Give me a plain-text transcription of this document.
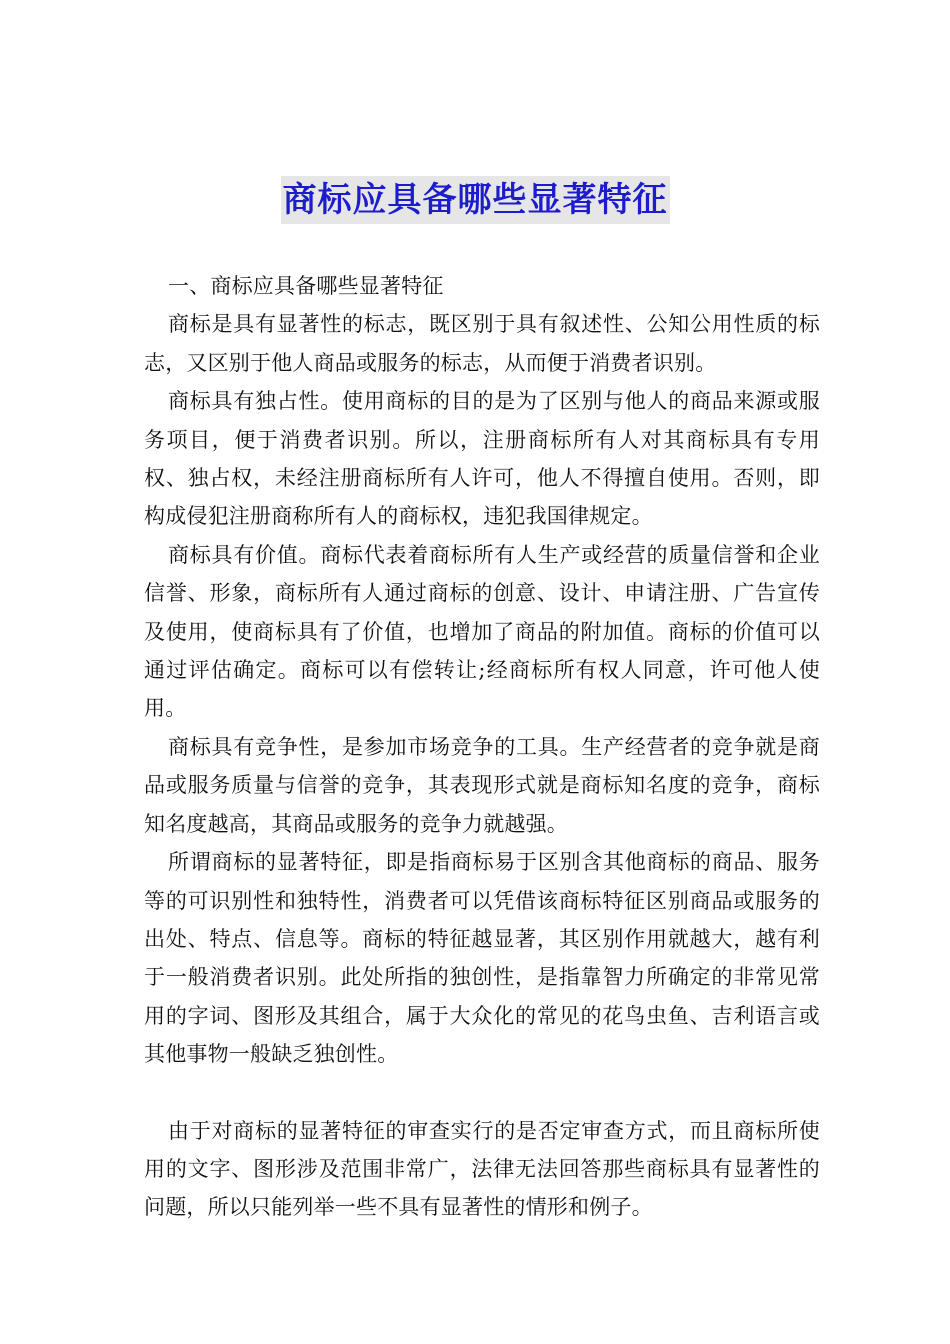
商标应具备哪些显著特征

一、商标应具备哪些显著特征

商标是具有显著性的标志，既区别于具有叙述性、公知公用性质的标志，又区别于他人商品或服务的标志，从而便于消费者识别。

商标具有独占性。使用商标的目的是为了区别与他人的商品来源或服务项目，便于消费者识别。所以，注册商标所有人对其商标具有专用权、独占权，未经注册商标所有人许可，他人不得擅自使用。否则，即构成侵犯注册商称所有人的商标权，违犯我国律规定。

商标具有价值。商标代表着商标所有人生产或经营的质量信誉和企业信誉、形象，商标所有人通过商标的创意、设计、申请注册、广告宣传及使用，使商标具有了价值，也增加了商品的附加值。商标的价值可以通过评估确定。商标可以有偿转让;经商标所有权人同意，许可他人使用。

商标具有竞争性，是参加市场竞争的工具。生产经营者的竞争就是商品或服务质量与信誉的竞争，其表现形式就是商标知名度的竞争，商标知名度越高，其商品或服务的竞争力就越强。

所谓商标的显著特征，即是指商标易于区别含其他商标的商品、服务等的可识别性和独特性，消费者可以凭借该商标特征区别商品或服务的出处、特点、信息等。商标的特征越显著，其区别作用就越大，越有利于一般消费者识别。此处所指的独创性，是指靠智力所确定的非常见常用的字词、图形及其组合，属于大众化的常见的花鸟虫鱼、吉利语言或其他事物一般缺乏独创性。

由于对商标的显著特征的审查实行的是否定审查方式，而且商标所使用的文字、图形涉及范围非常广，法律无法回答那些商标具有显著性的问题，所以只能列举一些不具有显著性的情形和例子。
